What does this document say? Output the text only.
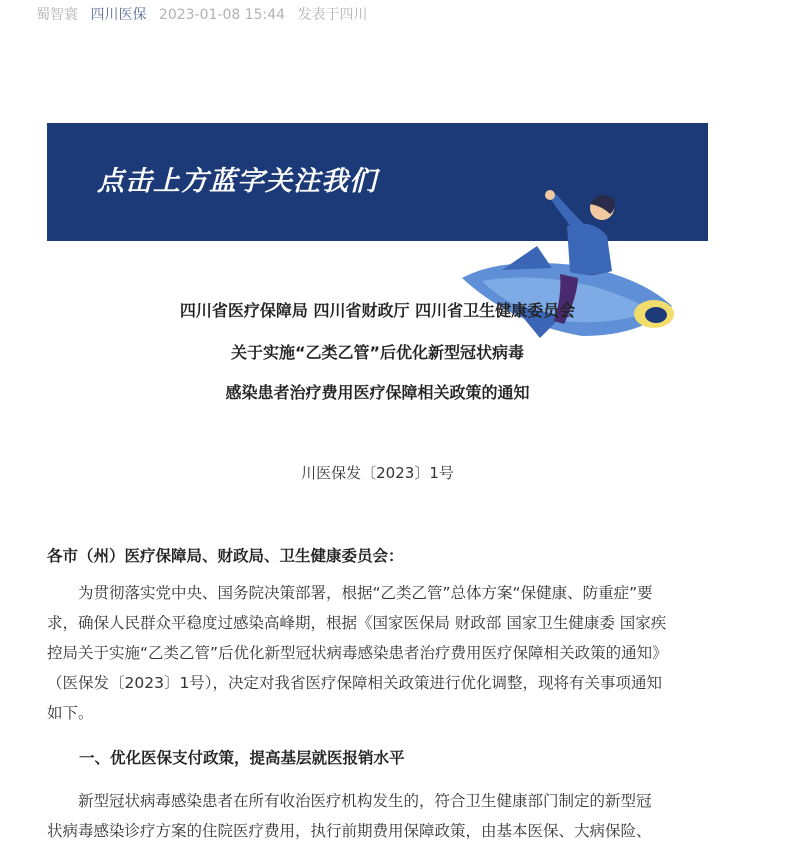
蜀智寰 四川医保 2023-01-08 15:44 发表于四川
点击上方蓝字关注我们
四川省医疗保障局 四川省财政厅 四川省卫生健康委员会
关于实施“乙类乙管”后优化新型冠状病毒
感染患者治疗费用医疗保障相关政策的通知
川医保发〔2023〕1号
各市（州）医疗保障局、财政局、卫生健康委员会：
　　为贯彻落实党中央、国务院决策部署，根据“乙类乙管”总体方案“保健康、防重症”要
求，确保人民群众平稳度过感染高峰期，根据《国家医保局 财政部 国家卫生健康委 国家疾
控局关于实施“乙类乙管”后优化新型冠状病毒感染患者治疗费用医疗保障相关政策的通知》
（医保发〔2023〕1号），决定对我省医疗保障相关政策进行优化调整，现将有关事项通知
如下。
一、优化医保支付政策，提高基层就医报销水平
　　新型冠状病毒感染患者在所有收治医疗机构发生的，符合卫生健康部门制定的新型冠
状病毒感染诊疗方案的住院医疗费用，执行前期费用保障政策，由基本医保、大病保险、
